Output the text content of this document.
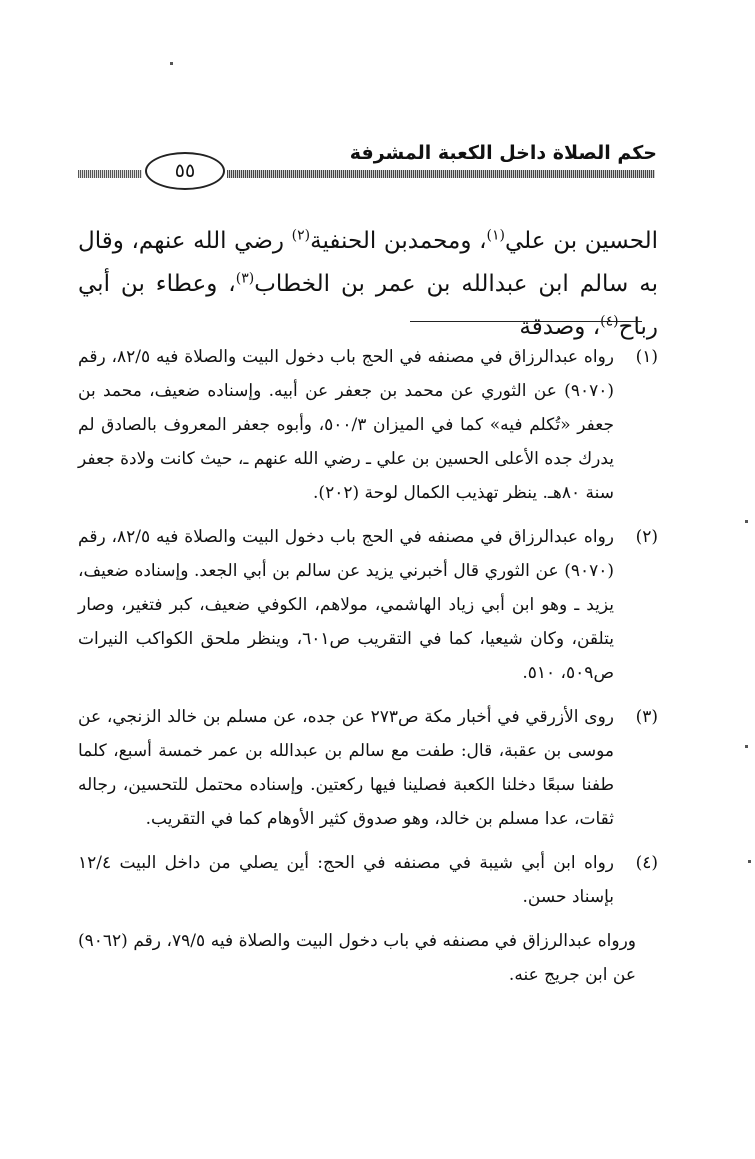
حكم الصلاة داخل الكعبة المشرفة
٥٥

الحسين بن علي$^{(١)}$، ومحمدبن الحنفية$^{(٢)}$ رضي الله عنهم، وقال به سالم ابن عبدالله بن عمر بن الخطاب$^{(٣)}$، وعطاء بن أبي رباح$^{(٤)}$، وصدقة

(١)

رواه عبدالرزاق في مصنفه في الحج باب دخول البيت والصلاة فيه ٨٢/٥، رقم (٩٠٧٠) عن الثوري عن محمد بن جعفر عن أبيه. وإسناده ضعيف، محمد بن جعفر «تُكلم فيه» كما في الميزان ٥٠٠/٣، وأبوه جعفر المعروف بالصادق لم يدرك جده الأعلى الحسين بن علي ـ رضي الله عنهم ـ، حيث كانت ولادة جعفر سنة ٨٠هـ. ينظر تهذيب الكمال لوحة (٢٠٢).

(٢)

رواه عبدالرزاق في مصنفه في الحج باب دخول البيت والصلاة فيه ٨٢/٥، رقم (٩٠٧٠) عن الثوري قال أخبرني يزيد عن سالم بن أبي الجعد. وإسناده ضعيف، يزيد ـ وهو ابن أبي زياد الهاشمي، مولاهم، الكوفي ضعيف، كبر فتغير، وصار يتلقن، وكان شيعيا، كما في التقريب ص٦٠١، وينظر ملحق الكواكب النيرات ص٥٠٩، ٥١٠.

(٣)

روى الأزرقي في أخبار مكة ص٢٧٣ عن جده، عن مسلم بن خالد الزنجي، عن موسى بن عقبة، قال: طفت مع سالم بن عبدالله بن عمر خمسة أسبع، كلما طفنا سبعًا دخلنا الكعبة فصلينا فيها ركعتين. وإسناده محتمل للتحسين، رجاله ثقات، عدا مسلم بن خالد، وهو صدوق كثير الأوهام كما في التقريب.

(٤)

رواه ابن أبي شيبة في مصنفه في الحج: أين يصلي من داخل البيت ١٢/٤ بإسناد حسن.

ورواه عبدالرزاق في مصنفه في باب دخول البيت والصلاة فيه ٧٩/٥، رقم (٩٠٦٢) عن ابن جريج عنه.
